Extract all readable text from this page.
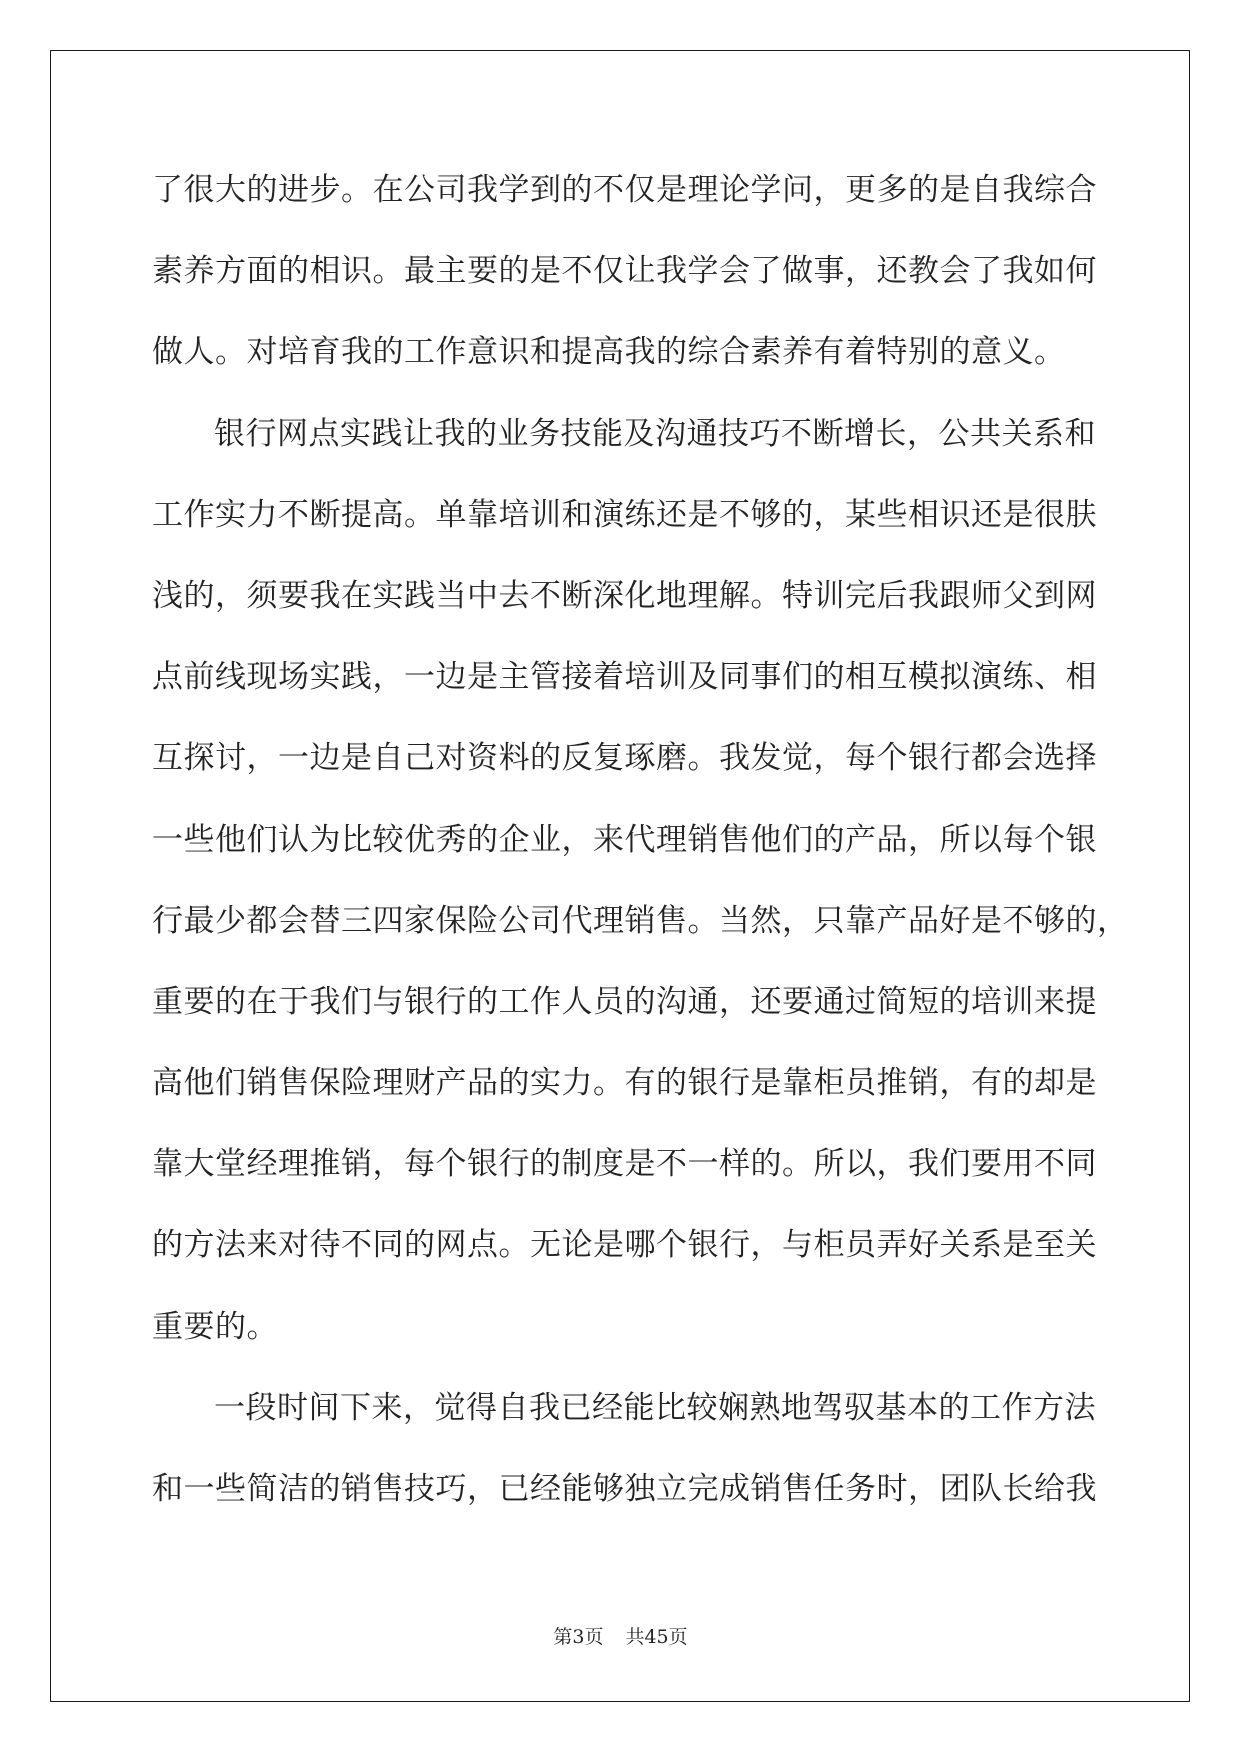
了很大的进步。在公司我学到的不仅是理论学问，更多的是自我综合
素养方面的相识。最主要的是不仅让我学会了做事，还教会了我如何
做人。对培育我的工作意识和提高我的综合素养有着特别的意义。
银行网点实践让我的业务技能及沟通技巧不断增长，公共关系和
工作实力不断提高。单靠培训和演练还是不够的，某些相识还是很肤
浅的，须要我在实践当中去不断深化地理解。特训完后我跟师父到网
点前线现场实践，一边是主管接着培训及同事们的相互模拟演练、相
互探讨，一边是自己对资料的反复琢磨。我发觉，每个银行都会选择
一些他们认为比较优秀的企业，来代理销售他们的产品，所以每个银
行最少都会替三四家保险公司代理销售。当然，只靠产品好是不够的，
重要的在于我们与银行的工作人员的沟通，还要通过简短的培训来提
高他们销售保险理财产品的实力。有的银行是靠柜员推销，有的却是
靠大堂经理推销，每个银行的制度是不一样的。所以，我们要用不同
的方法来对待不同的网点。无论是哪个银行，与柜员弄好关系是至关
重要的。
一段时间下来，觉得自我已经能比较娴熟地驾驭基本的工作方法
和一些简洁的销售技巧，已经能够独立完成销售任务时，团队长给我
第3页 共45页
